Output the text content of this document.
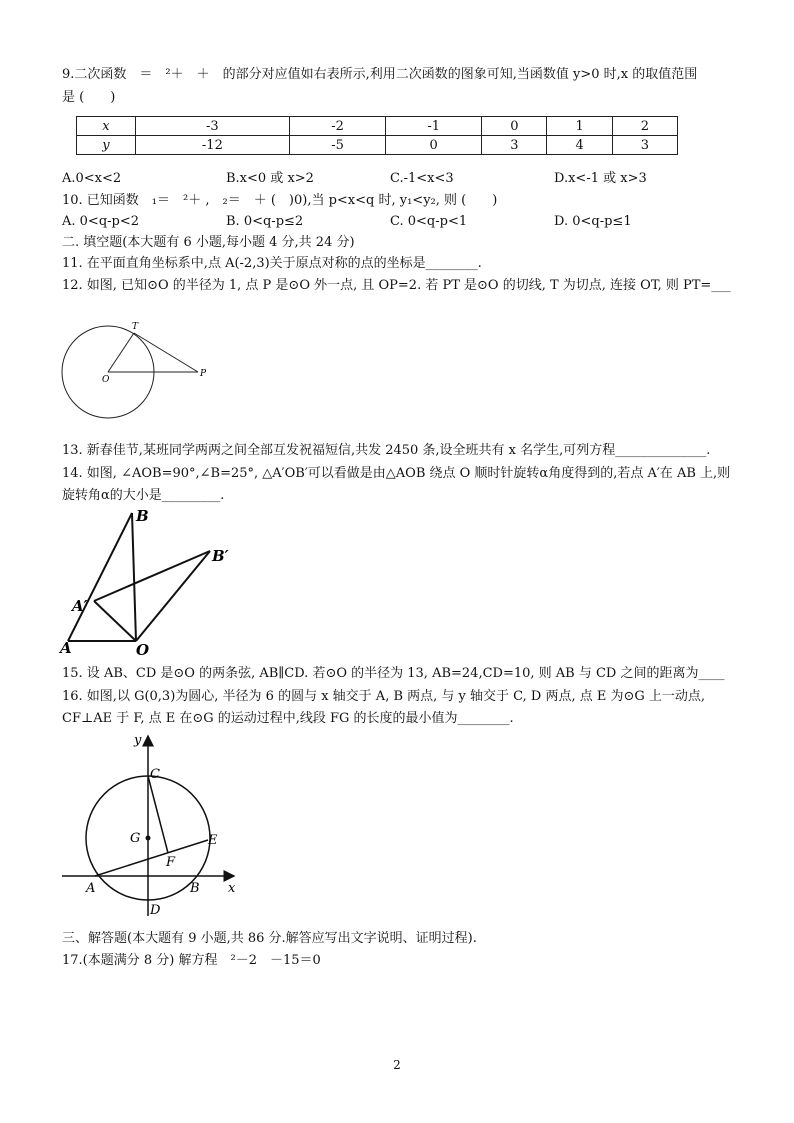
9.二次函数　＝　²＋　＋　的部分对应值如右表所示,利用二次函数的图象可知,当函数值 y>0 时,x 的取值范围
是 (　　)
x	-3	-2	-1	0	1	2
y	-12	-5	0	3	4	3
A.0<x<2	B.x<0 或 x>2	C.-1<x<3	D.x<-1 或 x>3
10. 已知函数　₁＝　²＋ ,　₂＝　＋ (　)0),当 p<x<q 时, y₁<y₂, 则 (　　)
A. 0<q-p<2	B. 0<q-p≤2	C. 0<q-p<1	D. 0<q-p≤1
二. 填空题(本大题有 6 小题,每小题 4 分,共 24 分)
11. 在平面直角坐标系中,点 A(-2,3)关于原点对称的点的坐标是________.
12. 如图, 已知⊙O 的半径为 1, 点 P 是⊙O 外一点, 且 OP=2. 若 PT 是⊙O 的切线, T 为切点, 连接 OT, 则 PT=___
T
O
P
13. 新春佳节,某班同学两两之间全部互发祝福短信,共发 2450 条,设全班共有 x 名学生,可列方程______________.
14. 如图, ∠AOB=90°,∠B=25°, △A′OB′可以看做是由△AOB 绕点 O 顺时针旋转α角度得到的,若点 A′在 AB 上,则
旋转角α的大小是_________.
B
B′
A′
A	O
15. 设 AB、CD 是⊙O 的两条弦, AB∥CD. 若⊙O 的半径为 13, AB=24,CD=10, 则 AB 与 CD 之间的距离为____
16. 如图,以 G(0,3)为圆心, 半径为 6 的圆与 x 轴交于 A, B 两点, 与 y 轴交于 C, D 两点, 点 E 为⊙G 上一动点,
CF⊥AE 于 F, 点 E 在⊙G 的运动过程中,线段 FG 的长度的最小值为________.
y
x
C
G	E
F
A	B
D
三、解答题(本大题有 9 小题,共 86 分.解答应写出文字说明、证明过程).
17.(本题满分 8 分) 解方程　²－2　－15＝0
2
